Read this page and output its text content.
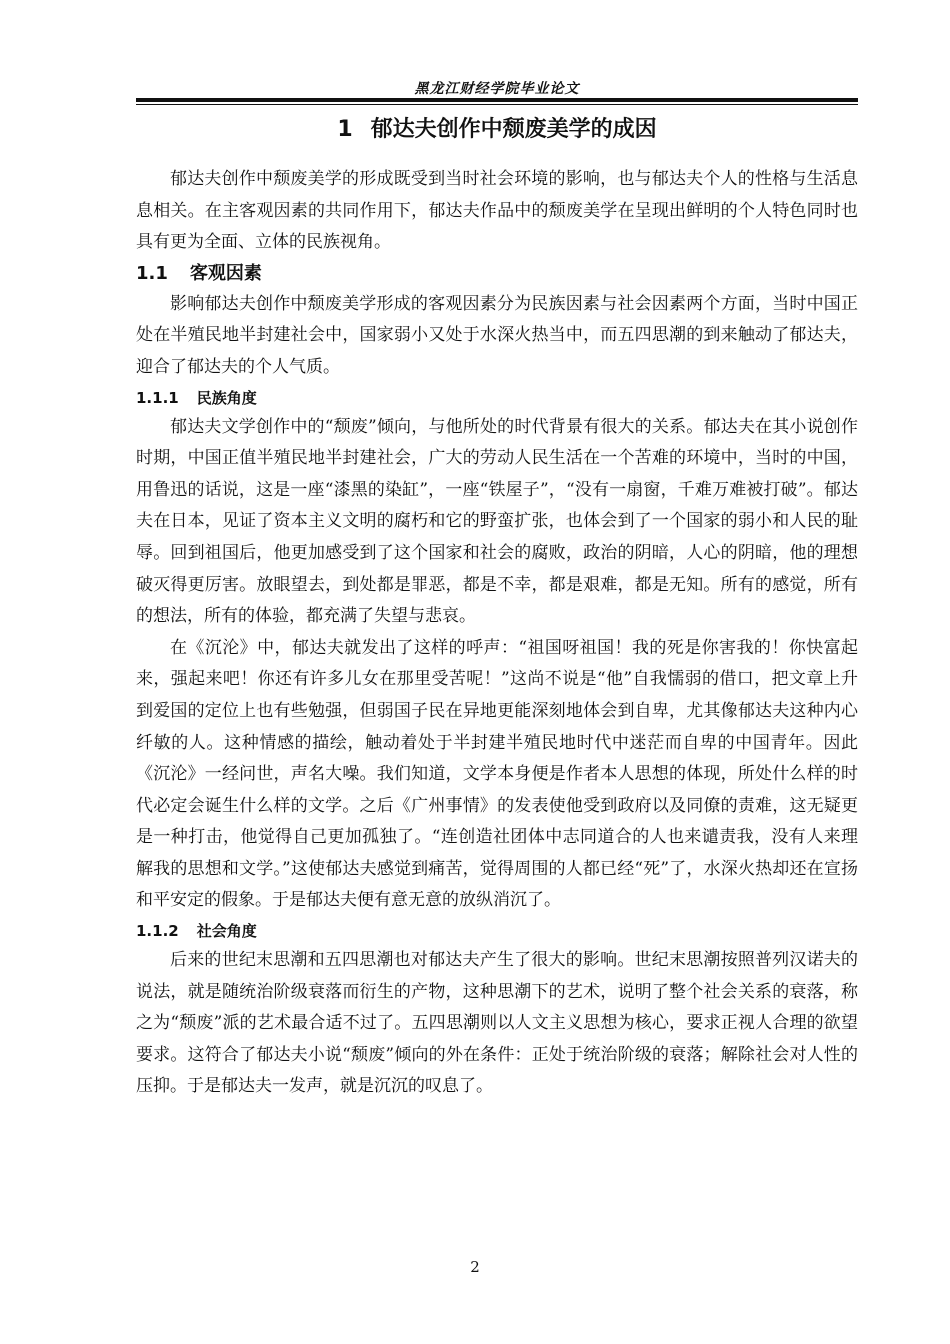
黑龙江财经学院毕业论文
1 郁达夫创作中颓废美学的成因

郁达夫创作中颓废美学的形成既受到当时社会环境的影响，也与郁达夫个人的性格与生活息息相关。在主客观因素的共同作用下，郁达夫作品中的颓废美学在呈现出鲜明的个人特色同时也具有更为全面、立体的民族视角。

1.1 客观因素

影响郁达夫创作中颓废美学形成的客观因素分为民族因素与社会因素两个方面，当时中国正处在半殖民地半封建社会中，国家弱小又处于水深火热当中，而五四思潮的到来触动了郁达夫，迎合了郁达夫的个人气质。

1.1.1 民族角度

郁达夫文学创作中的“颓废”倾向，与他所处的时代背景有很大的关系。郁达夫在其小说创作时期，中国正值半殖民地半封建社会，广大的劳动人民生活在一个苦难的环境中，当时的中国，用鲁迅的话说，这是一座“漆黑的染缸”，一座“铁屋子”，“没有一扇窗，千难万难被打破”。郁达夫在日本，见证了资本主义文明的腐朽和它的野蛮扩张，也体会到了一个国家的弱小和人民的耻辱。回到祖国后，他更加感受到了这个国家和社会的腐败，政治的阴暗，人心的阴暗，他的理想破灭得更厉害。放眼望去，到处都是罪恶，都是不幸，都是艰难，都是无知。所有的感觉，所有的想法，所有的体验，都充满了失望与悲哀。

在《沉沦》中，郁达夫就发出了这样的呼声：“祖国呀祖国！我的死是你害我的！你快富起来，强起来吧！你还有许多儿女在那里受苦呢！”这尚不说是“他”自我懦弱的借口，把文章上升到爱国的定位上也有些勉强，但弱国子民在异地更能深刻地体会到自卑，尤其像郁达夫这种内心纤敏的人。这种情感的描绘，触动着处于半封建半殖民地时代中迷茫而自卑的中国青年。因此《沉沦》一经问世，声名大噪。我们知道，文学本身便是作者本人思想的体现，所处什么样的时代必定会诞生什么样的文学。之后《广州事情》的发表使他受到政府以及同僚的责难，这无疑更是一种打击，他觉得自己更加孤独了。“连创造社团体中志同道合的人也来谴责我，没有人来理解我的思想和文学。”这使郁达夫感觉到痛苦，觉得周围的人都已经“死”了，水深火热却还在宣扬和平安定的假象。于是郁达夫便有意无意的放纵消沉了。

1.1.2 社会角度

后来的世纪末思潮和五四思潮也对郁达夫产生了很大的影响。世纪末思潮按照普列汉诺夫的说法，就是随统治阶级衰落而衍生的产物，这种思潮下的艺术，说明了整个社会关系的衰落，称之为“颓废”派的艺术最合适不过了。五四思潮则以人文主义思想为核心，要求正视人合理的欲望要求。这符合了郁达夫小说“颓废”倾向的外在条件：正处于统治阶级的衰落；解除社会对人性的压抑。于是郁达夫一发声，就是沉沉的叹息了。

2
